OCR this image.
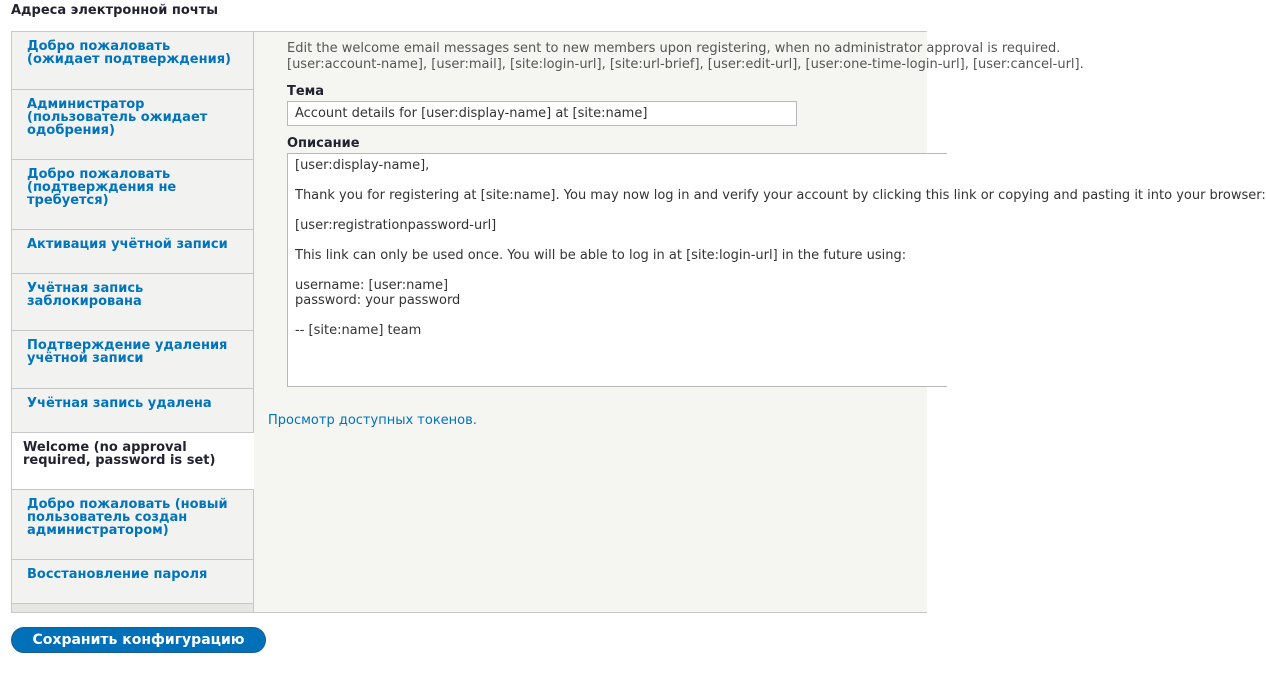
Адреса электронной почты
Добро пожаловать (ожидает подтверждения)
Администратор (пользователь ожидает одобрения)
Добро пожаловать (подтверждения не требуется)
Активация учётной записи
Учётная запись заблокирована
Подтверждение удаления учётной записи
Учётная запись удалена
Welcome (no approval required, password is set)
Добро пожаловать (новый пользователь создан администратором)
Восстановление пароля
Edit the welcome email messages sent to new members upon registering, when no administrator approval is required.
[user:account-name], [user:mail], [site:login-url], [site:url-brief], [user:edit-url], [user:one-time-login-url], [user:cancel-url].
Тема
Account details for [user:display-name] at [site:name]
Описание
[user:display-name],
Thank you for registering at [site:name]. You may now log in and verify your account by clicking this link or copying and pasting it into your browser:
[user:registrationpassword-url]
This link can only be used once. You will be able to log in at [site:login-url] in the future using:
username: [user:name]
password: your password
-- [site:name] team
Просмотр доступных токенов.
Сохранить конфигурацию
